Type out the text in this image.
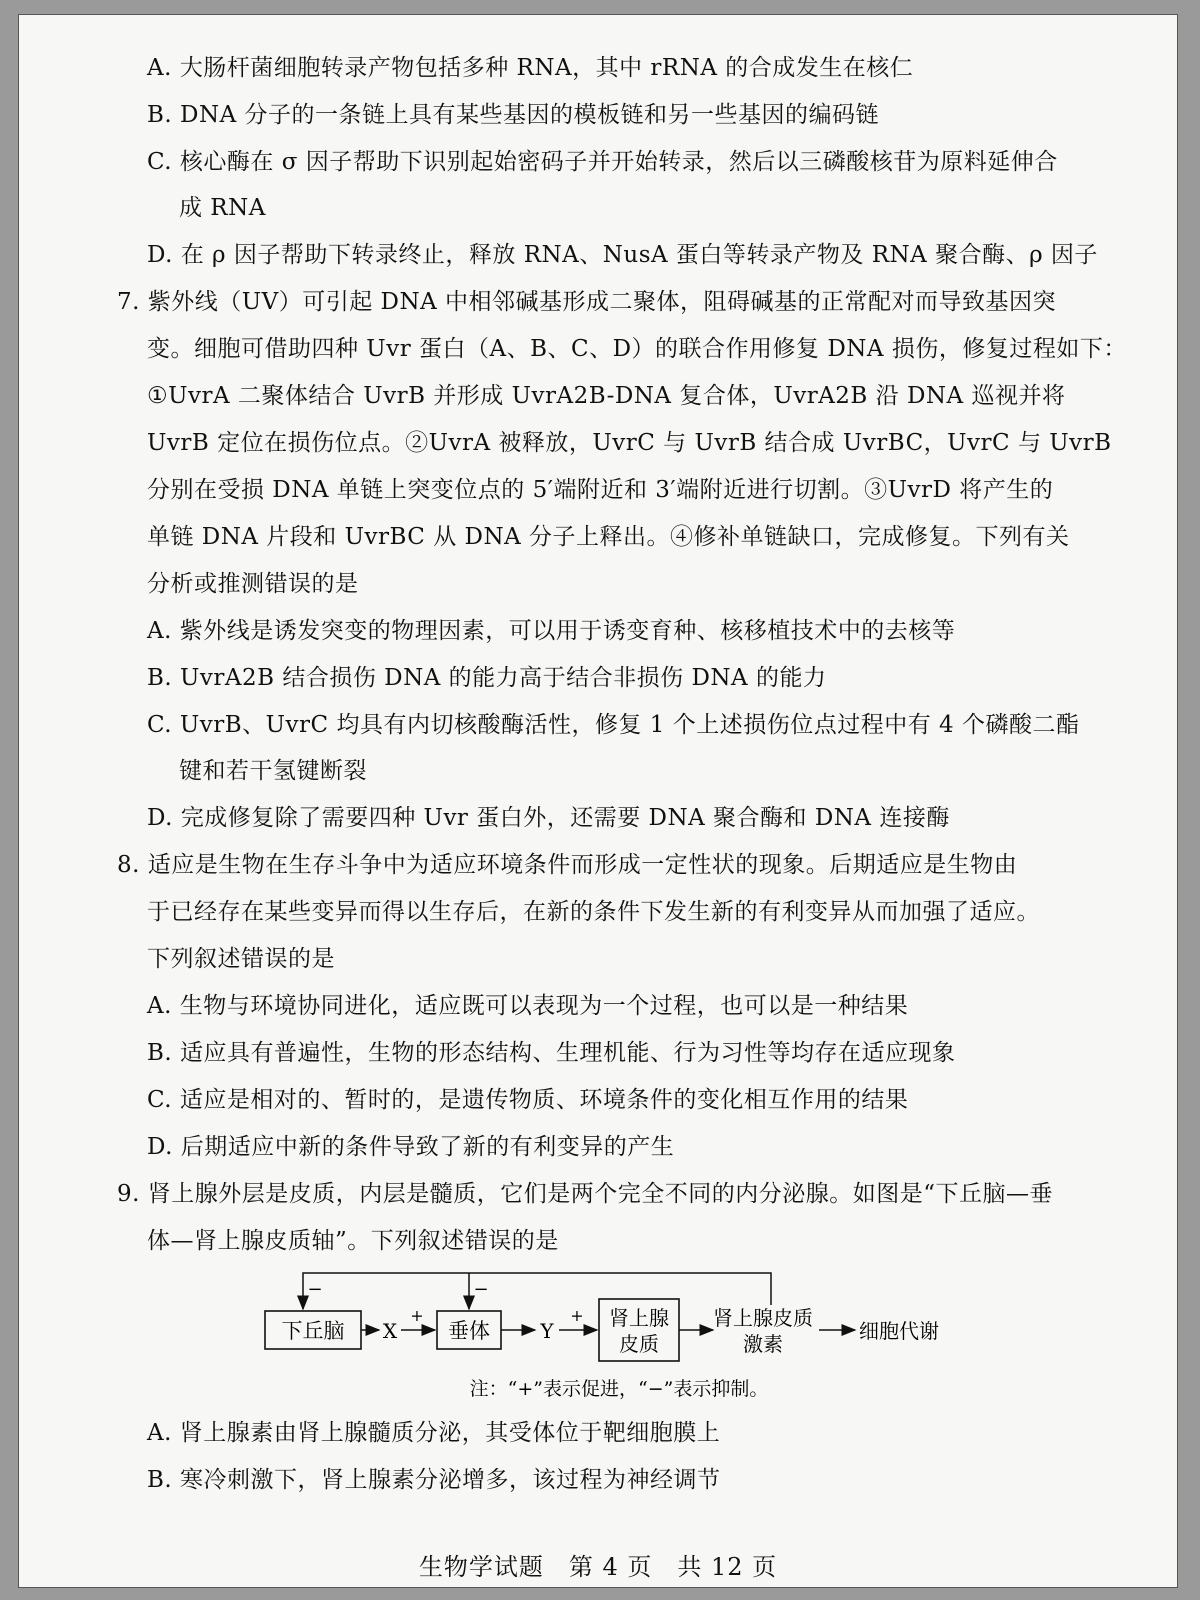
A. 大肠杆菌细胞转录产物包括多种 RNA，其中 rRNA 的合成发生在核仁
B. DNA 分子的一条链上具有某些基因的模板链和另一些基因的编码链
C. 核心酶在 σ 因子帮助下识别起始密码子并开始转录，然后以三磷酸核苷为原料延伸合
成 RNA
D. 在 ρ 因子帮助下转录终止，释放 RNA、NusA 蛋白等转录产物及 RNA 聚合酶、ρ 因子
7. 紫外线（UV）可引起 DNA 中相邻碱基形成二聚体，阻碍碱基的正常配对而导致基因突
变。细胞可借助四种 Uvr 蛋白（A、B、C、D）的联合作用修复 DNA 损伤，修复过程如下：
①UvrA 二聚体结合 UvrB 并形成 UvrA2B-DNA 复合体，UvrA2B 沿 DNA 巡视并将
UvrB 定位在损伤位点。②UvrA 被释放，UvrC 与 UvrB 结合成 UvrBC，UvrC 与 UvrB
分别在受损 DNA 单链上突变位点的 5′端附近和 3′端附近进行切割。③UvrD 将产生的
单链 DNA 片段和 UvrBC 从 DNA 分子上释出。④修补单链缺口，完成修复。下列有关
分析或推测错误的是
A. 紫外线是诱发突变的物理因素，可以用于诱变育种、核移植技术中的去核等
B. UvrA2B 结合损伤 DNA 的能力高于结合非损伤 DNA 的能力
C. UvrB、UvrC 均具有内切核酸酶活性，修复 1 个上述损伤位点过程中有 4 个磷酸二酯
键和若干氢键断裂
D. 完成修复除了需要四种 Uvr 蛋白外，还需要 DNA 聚合酶和 DNA 连接酶
8. 适应是生物在生存斗争中为适应环境条件而形成一定性状的现象。后期适应是生物由
于已经存在某些变异而得以生存后，在新的条件下发生新的有利变异从而加强了适应。
下列叙述错误的是
A. 生物与环境协同进化，适应既可以表现为一个过程，也可以是一种结果
B. 适应具有普遍性，生物的形态结构、生理机能、行为习性等均存在适应现象
C. 适应是相对的、暂时的，是遗传物质、环境条件的变化相互作用的结果
D. 后期适应中新的条件导致了新的有利变异的产生
9. 肾上腺外层是皮质，内层是髓质，它们是两个完全不同的内分泌腺。如图是“下丘脑—垂
体—肾上腺皮质轴”。下列叙述错误的是
下丘脑	垂体
肾上腺
皮质
X
+
Y
+	肾上腺皮质
激素
细胞代谢
−	−
注：“+”表示促进，“−”表示抑制。
A. 肾上腺素由肾上腺髓质分泌，其受体位于靶细胞膜上
B. 寒冷刺激下，肾上腺素分泌增多，该过程为神经调节
生物学试题　第 4 页　共 12 页
